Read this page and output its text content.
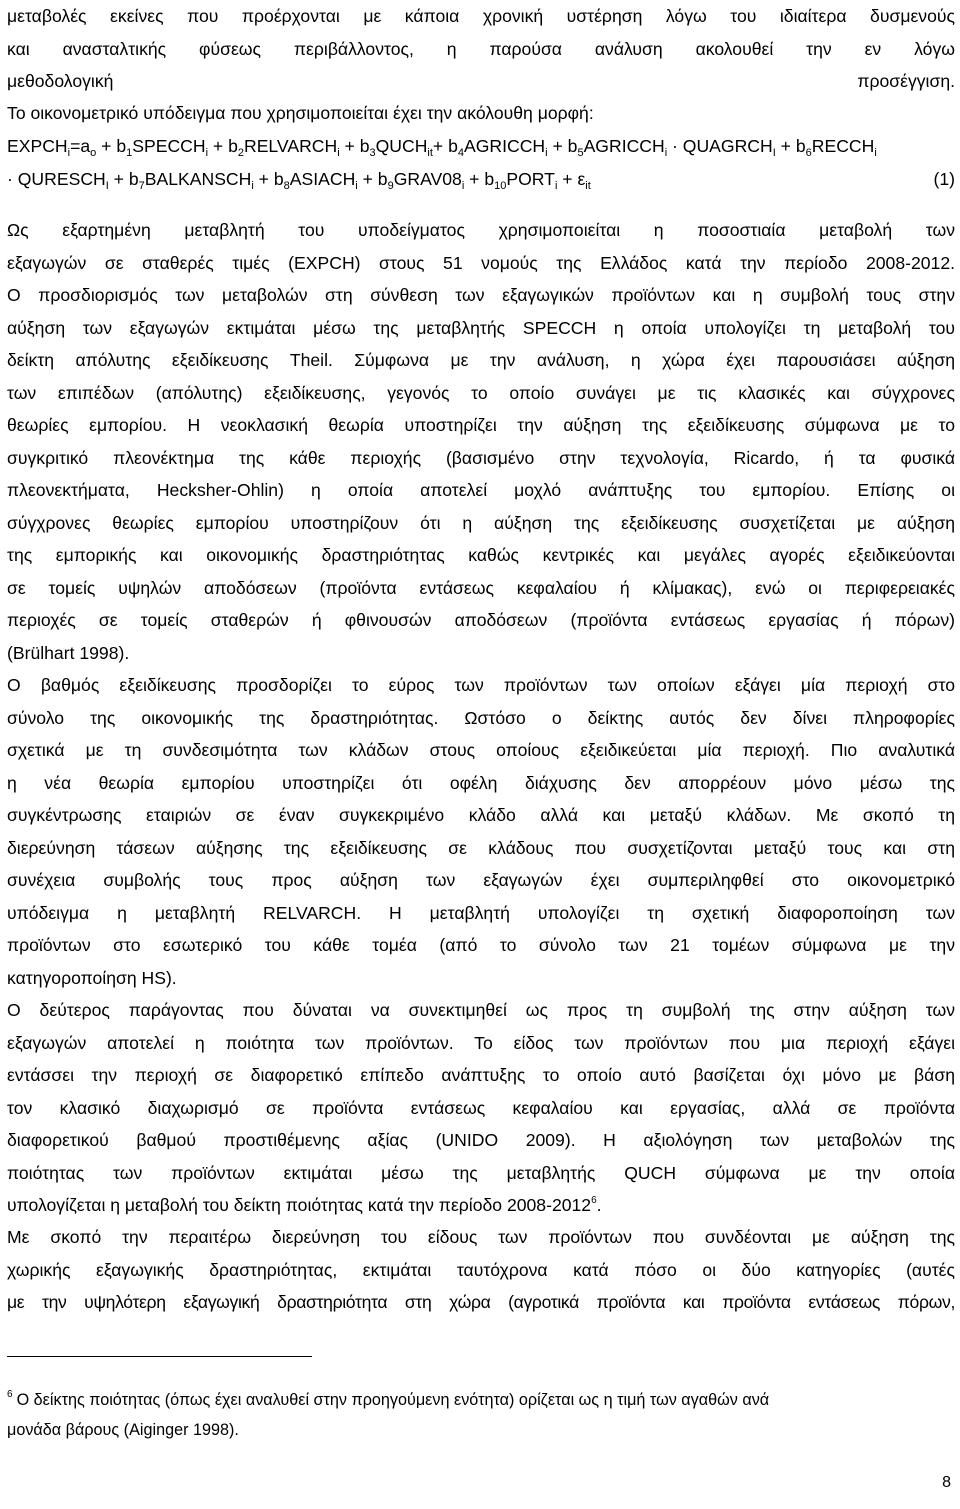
μεταβολές εκείνες που προέρχονται με κάποια χρονική υστέρηση λόγω του ιδιαίτερα δυσμενούς
και ανασταλτικής φύσεως περιβάλλοντος, η παρούσα ανάλυση ακολουθεί την εν λόγω
μεθοδολογική προσέγγιση.
Το οικονομετρικό υπόδειγμα που χρησιμοποιείται έχει την ακόλουθη μορφή:
$EXPCH_i=a_o$ + $b_1SPECCH_i$ + $b_2RELVARCH_i$ + $b_3QUCH_{it}+$ $b_4AGRICCH_i$ + $b_5AGRICCH_i$ · $QUAGRCH_I$ + $b_6RECCH_i$
· $QURESCH_I$ + $b_7BALKANSCH_i$ + $b_8ASIACH_i$ + $b_9GRAV08_i$ + $b_{10}PORT_i + \varepsilon_{it}$	(1)
Ως εξαρτημένη μεταβλητή του υποδείγματος χρησιμοποιείται η ποσοστιαία μεταβολή των
εξαγωγών σε σταθερές τιμές (EXPCH) στους 51 νομούς της Ελλάδος κατά την περίοδο 2008-2012.
Ο προσδιορισμός των μεταβολών στη σύνθεση των εξαγωγικών προϊόντων και η συμβολή τους στην
αύξηση των εξαγωγών εκτιμάται μέσω της μεταβλητής SPECCH η οποία υπολογίζει τη μεταβολή του
δείκτη απόλυτης εξειδίκευσης Theil. Σύμφωνα με την ανάλυση, η χώρα έχει παρουσιάσει αύξηση
των επιπέδων (απόλυτης) εξειδίκευσης, γεγονός το οποίο συνάγει με τις κλασικές και σύγχρονες
θεωρίες εμπορίου. Η νεοκλασική θεωρία υποστηρίζει την αύξηση της εξειδίκευσης σύμφωνα με το
συγκριτικό πλεονέκτημα της κάθε περιοχής (βασισμένο στην τεχνολογία, Ricardo, ή τα φυσικά
πλεονεκτήματα, Hecksher-Ohlin) η οποία αποτελεί μοχλό ανάπτυξης του εμπορίου. Επίσης οι
σύγχρονες θεωρίες εμπορίου υποστηρίζουν ότι η αύξηση της εξειδίκευσης συσχετίζεται με αύξηση
της εμπορικής και οικονομικής δραστηριότητας καθώς κεντρικές και μεγάλες αγορές εξειδικεύονται
σε τομείς υψηλών αποδόσεων (προϊόντα εντάσεως κεφαλαίου ή κλίμακας), ενώ οι περιφερειακές
περιοχές σε τομείς σταθερών ή φθινουσών αποδόσεων (προϊόντα εντάσεως εργασίας ή πόρων)
(Brülhart 1998).
Ο βαθμός εξειδίκευσης προσδορίζει το εύρος των προϊόντων των οποίων εξάγει μία περιοχή στο
σύνολο της οικονομικής της δραστηριότητας. Ωστόσο ο δείκτης αυτός δεν δίνει πληροφορίες
σχετικά με τη συνδεσιμότητα των κλάδων στους οποίους εξειδικεύεται μία περιοχή. Πιο αναλυτικά
η νέα θεωρία εμπορίου υποστηρίζει ότι οφέλη διάχυσης δεν απορρέουν μόνο μέσω της
συγκέντρωσης εταιριών σε έναν συγκεκριμένο κλάδο αλλά και μεταξύ κλάδων. Με σκοπό τη
διερεύνηση τάσεων αύξησης της εξειδίκευσης σε κλάδους που συσχετίζονται μεταξύ τους και στη
συνέχεια συμβολής τους προς αύξηση των εξαγωγών έχει συμπεριληφθεί στο οικονομετρικό
υπόδειγμα η μεταβλητή RELVARCH. Η μεταβλητή υπολογίζει τη σχετική διαφοροποίηση των
προϊόντων στο εσωτερικό του κάθε τομέα (από το σύνολο των 21 τομέων σύμφωνα με την
κατηγοροποίηση HS).
Ο δεύτερος παράγοντας που δύναται να συνεκτιμηθεί ως προς τη συμβολή της στην αύξηση των
εξαγωγών αποτελεί η ποιότητα των προϊόντων. Το είδος των προϊόντων που μια περιοχή εξάγει
εντάσσει την περιοχή σε διαφορετικό επίπεδο ανάπτυξης το οποίο αυτό βασίζεται όχι μόνο με βάση
τον κλασικό διαχωρισμό σε προϊόντα εντάσεως κεφαλαίου και εργασίας, αλλά σε προϊόντα
διαφορετικού βαθμού προστιθέμενης αξίας (UNIDO 2009). Η αξιολόγηση των μεταβολών της
ποιότητας των προϊόντων εκτιμάται μέσω της μεταβλητής QUCH σύμφωνα με την οποία
υπολογίζεται η μεταβολή του δείκτη ποιότητας κατά την περίοδο 2008-2012$^6$.
Με σκοπό την περαιτέρω διερεύνηση του είδους των προϊόντων που συνδέονται με αύξηση της
χωρικής εξαγωγικής δραστηριότητας, εκτιμάται ταυτόχρονα κατά πόσο οι δύο κατηγορίες (αυτές
με την υψηλότερη εξαγωγική δραστηριότητα στη χώρα (αγροτικά προϊόντα και προϊόντα εντάσεως πόρων,
$^6$ Ο δείκτης ποιότητας (όπως έχει αναλυθεί στην προηγούμενη ενότητα) ορίζεται ως η τιμή των αγαθών ανά
μονάδα βάρους (Aiginger 1998).
8
